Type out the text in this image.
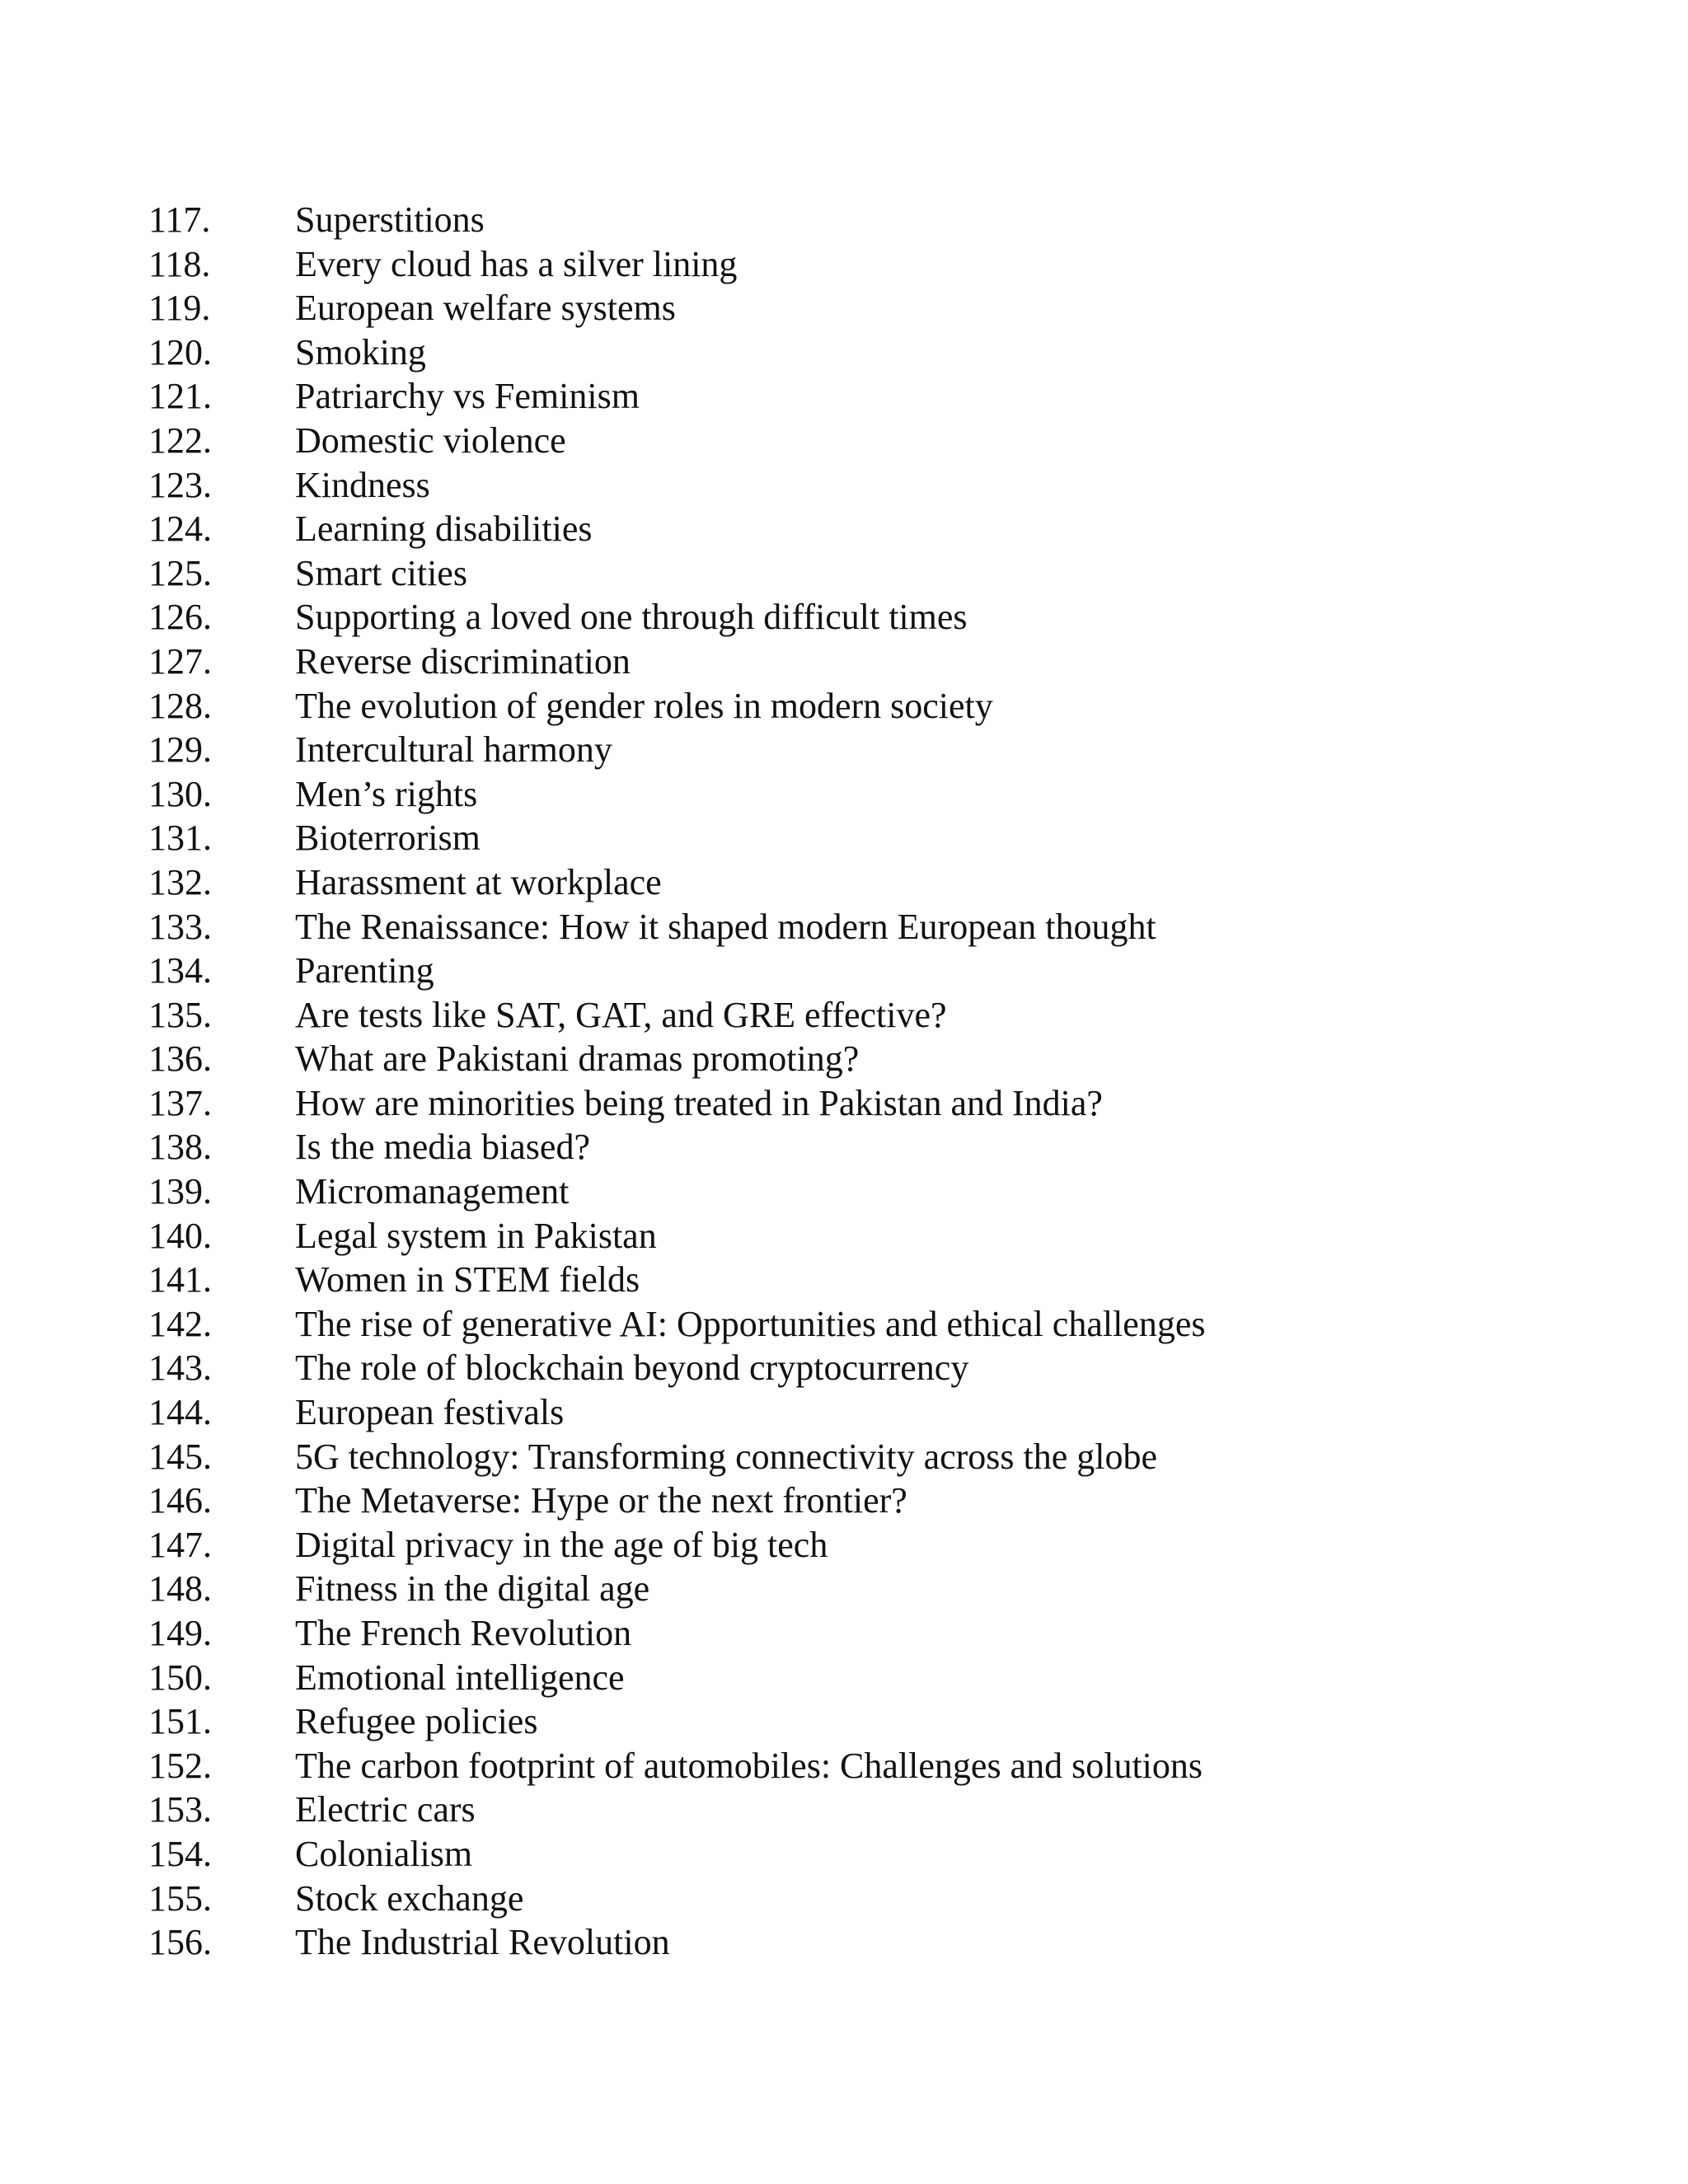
117.	Superstitions
118.	Every cloud has a silver lining
119.	European welfare systems
120.	Smoking
121.	Patriarchy vs Feminism
122.	Domestic violence
123.	Kindness
124.	Learning disabilities
125.	Smart cities
126.	Supporting a loved one through difficult times
127.	Reverse discrimination
128.	The evolution of gender roles in modern society
129.	Intercultural harmony
130.	Men’s rights
131.	Bioterrorism
132.	Harassment at workplace
133.	The Renaissance: How it shaped modern European thought
134.	Parenting
135.	Are tests like SAT, GAT, and GRE effective?
136.	What are Pakistani dramas promoting?
137.	How are minorities being treated in Pakistan and India?
138.	Is the media biased?
139.	Micromanagement
140.	Legal system in Pakistan
141.	Women in STEM fields
142.	The rise of generative AI: Opportunities and ethical challenges
143.	The role of blockchain beyond cryptocurrency
144.	European festivals
145.	5G technology: Transforming connectivity across the globe
146.	The Metaverse: Hype or the next frontier?
147.	Digital privacy in the age of big tech
148.	Fitness in the digital age
149.	The French Revolution
150.	Emotional intelligence
151.	Refugee policies
152.	The carbon footprint of automobiles: Challenges and solutions
153.	Electric cars
154.	Colonialism
155.	Stock exchange
156.	The Industrial Revolution
